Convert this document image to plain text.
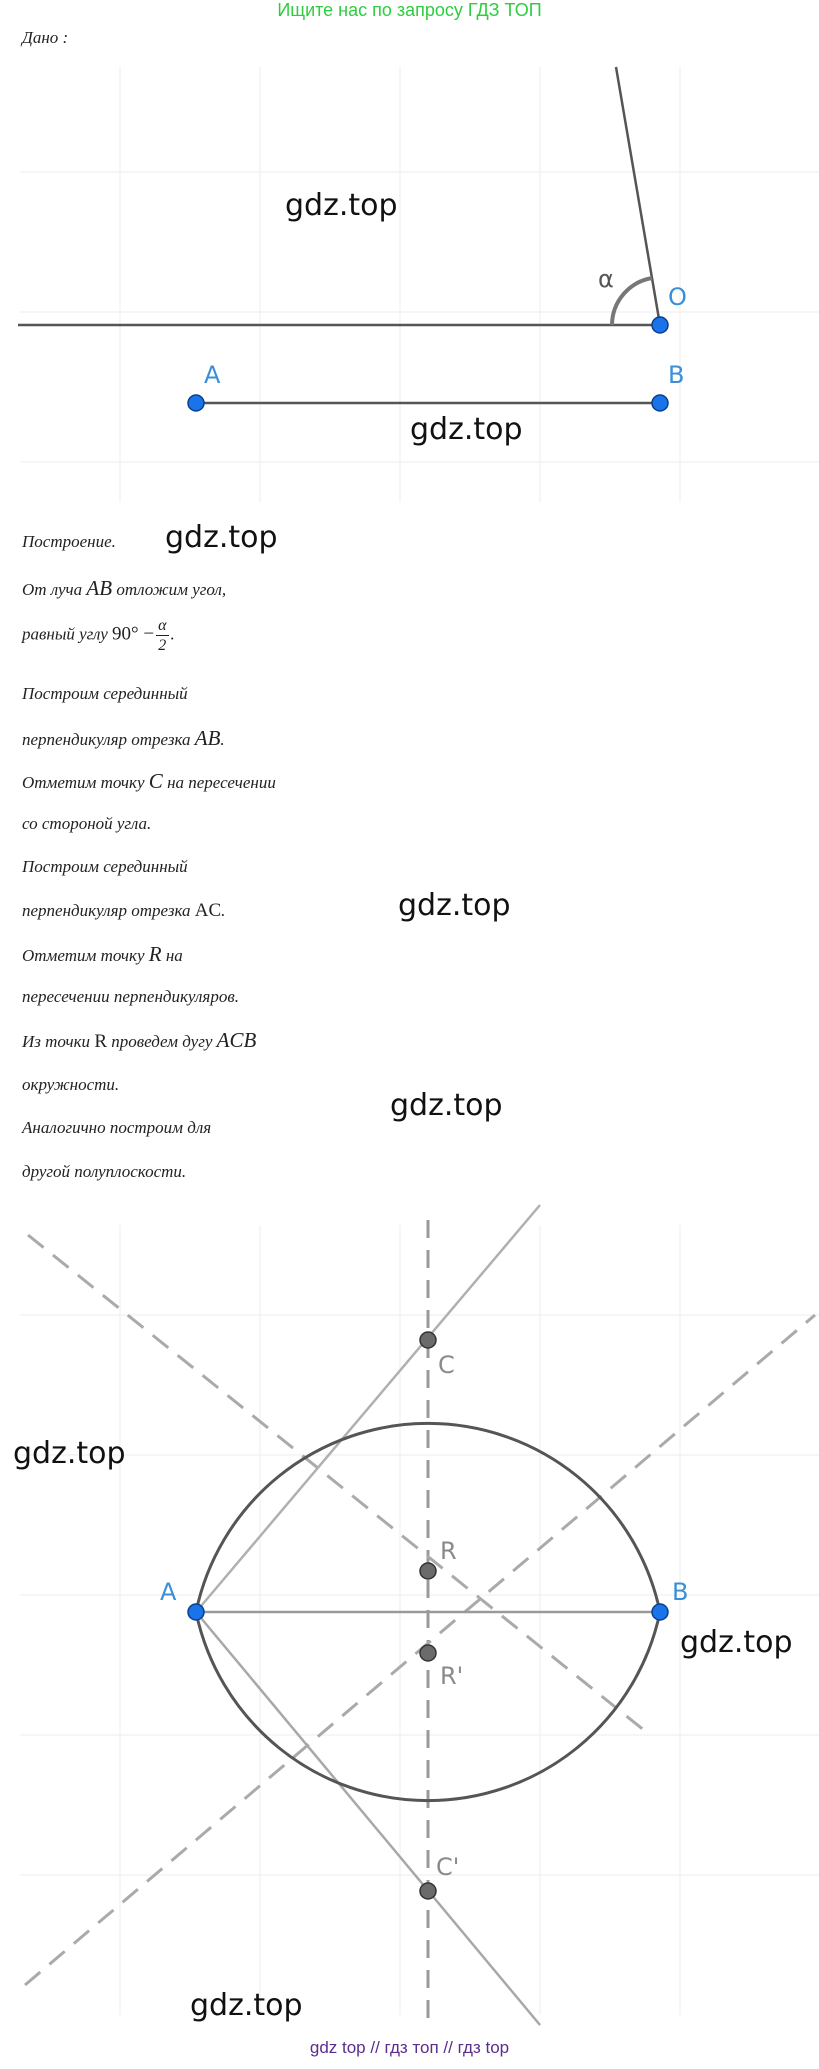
Ищите нас по запросу ГДЗ ТОП
Дано :
α
O
A	B
gdz.top
gdz.top
Построение. gdz.top
От луча AB отложим угол,
равный углу $90^\circ - \frac{\alpha}{2}$ .
Построим серединный
перпендикуляр отрезка AB.
Отметим точку C на пересечении
со стороной угла.
Построим серединный
перпендикуляр отрезка AC.	gdz.top
Отметим точку R на
пересечении перпендикуляров.
Из точки R проведем дугу ACB
окружности.
gdz.top
Аналогично построим для
другой полуплоскости.
C
R
R'
C'
A	B
gdz.top
gdz.top
gdz.top
gdz top // гдз топ // гдз top
